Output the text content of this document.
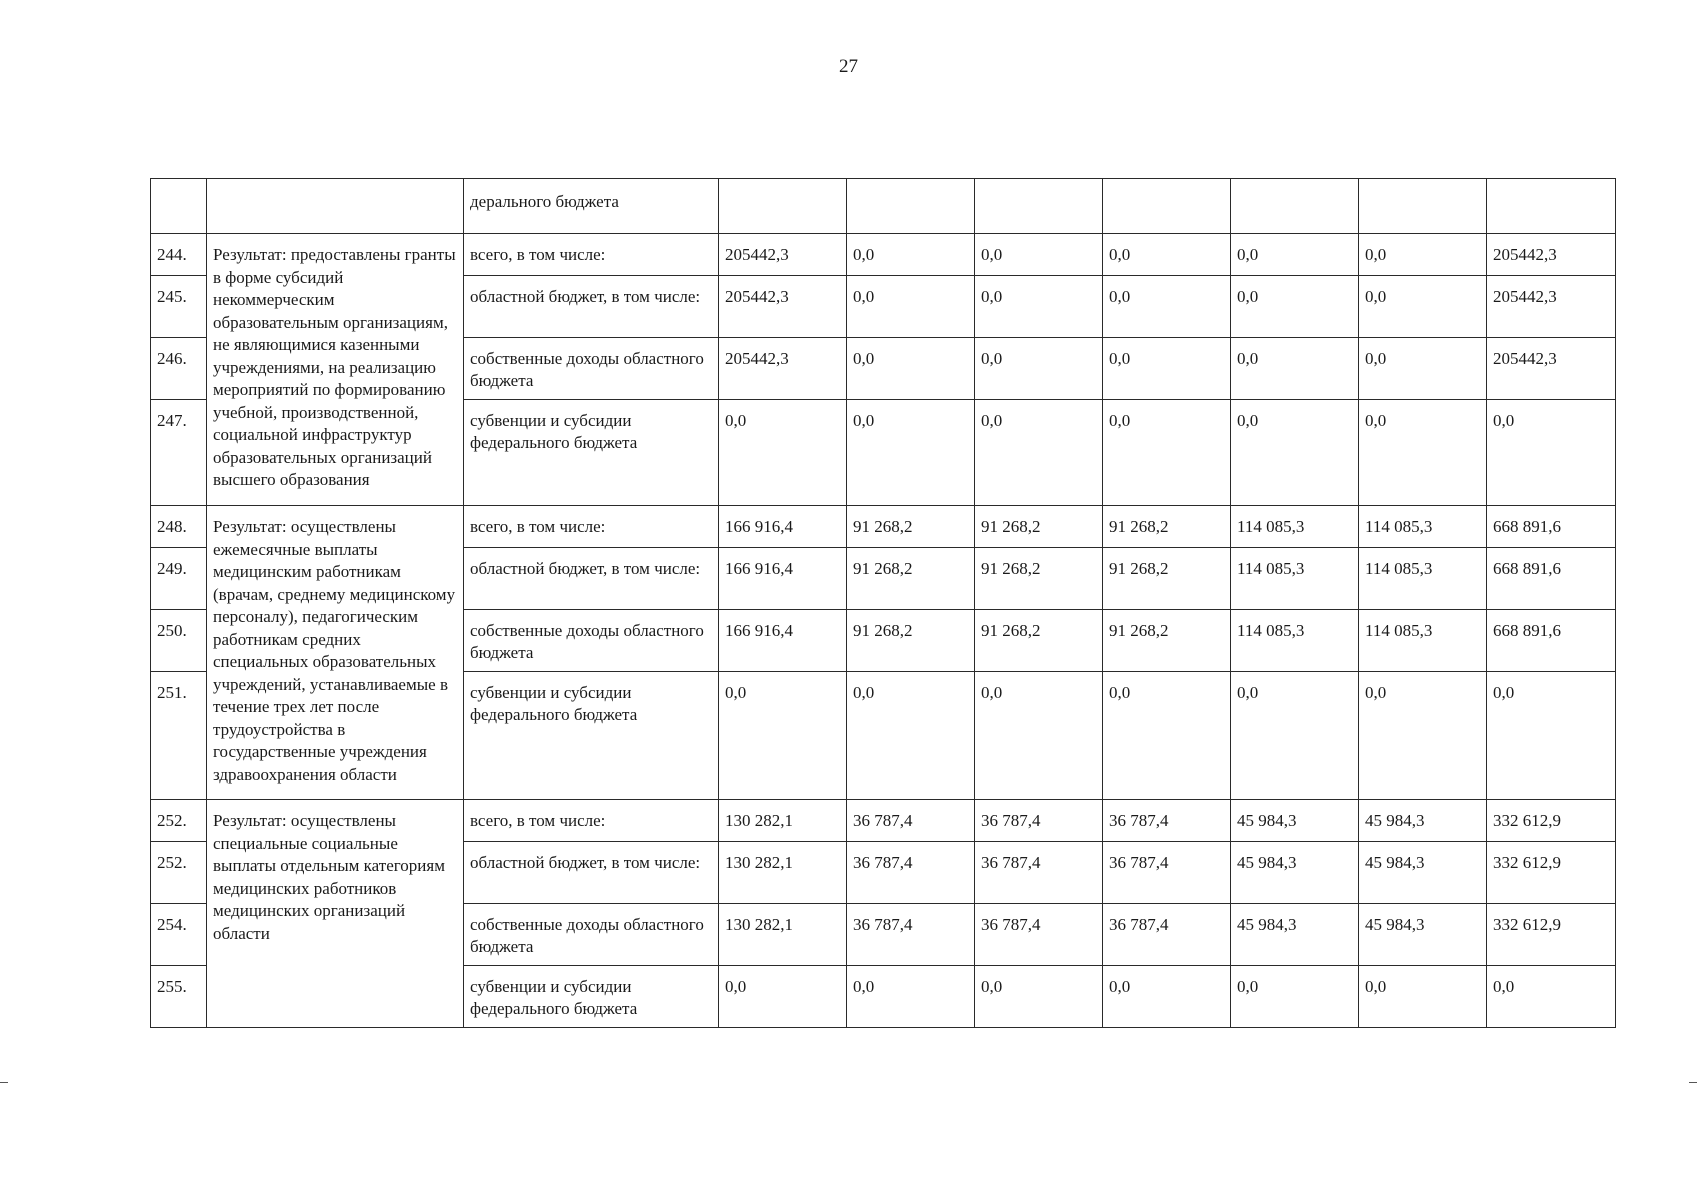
27
		дерального бюджета							
244.	Результат: предоставлены гранты в форме субсидий некоммерческим образовательным организациям, не являющимися казенными учреждениями, на реализацию мероприятий по формированию учебной, производственной, социальной инфраструктур образовательных организаций высшего образования	всего, в том числе:	205442,3	0,0	0,0	0,0	0,0	0,0	205442,3
245.		областной бюджет, в том числе:	205442,3	0,0	0,0	0,0	0,0	0,0	205442,3
246.		собственные доходы областного бюджета	205442,3	0,0	0,0	0,0	0,0	0,0	205442,3
247.		субвенции и субсидии федерального бюджета	0,0	0,0	0,0	0,0	0,0	0,0	0,0
248.	Результат: осуществлены ежемесячные выплаты медицинским работникам (врачам, среднему медицинскому персоналу), педагогическим работникам средних специальных образовательных учреждений, устанавливаемые в течение трех лет после трудоустройства в государственные учреждения здравоохранения области	всего, в том числе:	166 916,4	91 268,2	91 268,2	91 268,2	114 085,3	114 085,3	668 891,6
249.		областной бюджет, в том числе:	166 916,4	91 268,2	91 268,2	91 268,2	114 085,3	114 085,3	668 891,6
250.		собственные доходы областного бюджета	166 916,4	91 268,2	91 268,2	91 268,2	114 085,3	114 085,3	668 891,6
251.		субвенции и субсидии федерального бюджета	0,0	0,0	0,0	0,0	0,0	0,0	0,0
252.	Результат: осуществлены специальные социальные выплаты отдельным категориям медицинских работников медицинских организаций области	всего, в том числе:	130 282,1	36 787,4	36 787,4	36 787,4	45 984,3	45 984,3	332 612,9
252.		областной бюджет, в том числе:	130 282,1	36 787,4	36 787,4	36 787,4	45 984,3	45 984,3	332 612,9
254.		собственные доходы областного бюджета	130 282,1	36 787,4	36 787,4	36 787,4	45 984,3	45 984,3	332 612,9
255.		субвенции и субсидии федерального бюджета	0,0	0,0	0,0	0,0	0,0	0,0	0,0
